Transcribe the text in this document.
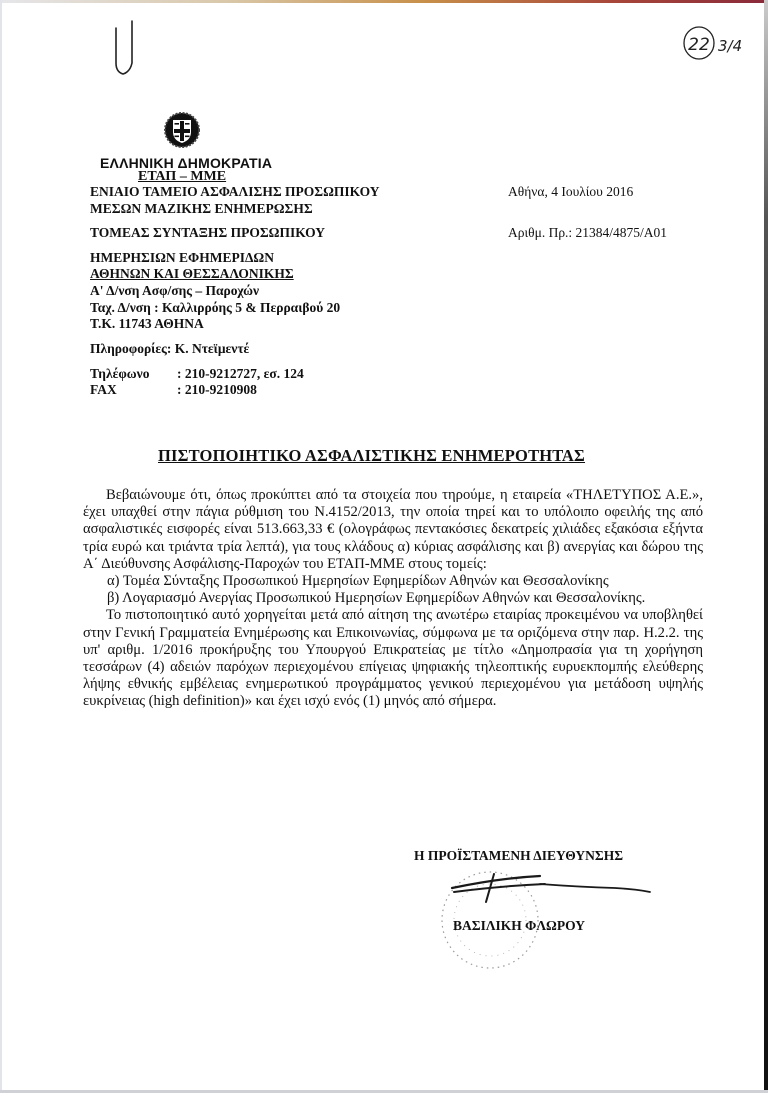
22 3/4
ΕΛΛΗΝΙΚΗ ΔΗΜΟΚΡΑΤΙΑ
ΕΤΑΠ – ΜΜΕ
ΕΝΙΑΙΟ ΤΑΜΕΙΟ ΑΣΦΑΛΙΣΗΣ ΠΡΟΣΩΠΙΚΟΥ
ΜΕΣΩΝ ΜΑΖΙΚΗΣ ΕΝΗΜΕΡΩΣΗΣ
ΤΟΜΕΑΣ ΣΥΝΤΑΞΗΣ ΠΡΟΣΩΠΙΚΟΥ
ΗΜΕΡΗΣΙΩΝ ΕΦΗΜΕΡΙΔΩΝ
ΑΘΗΝΩΝ ΚΑΙ ΘΕΣΣΑΛΟΝΙΚΗΣ
Α' Δ/νση Ασφ/σης – Παροχών
Ταχ. Δ/νση : Καλλιρρόης 5 & Περραιβού 20
Τ.Κ. 11743 ΑΘΗΝΑ
Πληροφορίες: Κ. Ντεϊμεντέ
Τηλέφωνο : 210-9212727, εσ. 124
FAX	: 210-9210908
Αθήνα, 4 Ιουλίου 2016
Αριθμ. Πρ.: 21384/4875/Α01
ΠΙΣΤΟΠΟΙΗΤΙΚΟ ΑΣΦΑΛΙΣΤΙΚΗΣ ΕΝΗΜΕΡΟΤΗΤΑΣ

Βεβαιώνουμε ότι, όπως προκύπτει από τα στοιχεία που τηρούμε, η εταιρεία «ΤΗΛΕΤΥΠΟΣ Α.Ε.», έχει υπαχθεί στην πάγια ρύθμιση του Ν.4152/2013, την οποία τηρεί και το υπόλοιπο οφειλής της από ασφαλιστικές εισφορές είναι 513.663,33 € (ολογράφως πεντακόσιες δεκατρείς χιλιάδες εξακόσια εξήντα τρία ευρώ και τριάντα τρία λεπτά), για τους κλάδους α) κύριας ασφάλισης και β) ανεργίας και δώρου της Α΄ Διεύθυνσης Ασφάλισης-Παροχών του ΕΤΑΠ-ΜΜΕ στους τομείς:

α) Τομέα Σύνταξης Προσωπικού Ημερησίων Εφημερίδων Αθηνών και Θεσσαλονίκης

β) Λογαριασμό Ανεργίας Προσωπικού Ημερησίων Εφημερίδων Αθηνών και Θεσσαλονίκης.

Το πιστοποιητικό αυτό χορηγείται μετά από αίτηση της ανωτέρω εταιρίας προκειμένου να υποβληθεί στην Γενική Γραμματεία Ενημέρωσης και Επικοινωνίας, σύμφωνα με τα οριζόμενα στην παρ. Η.2.2. της υπ' αριθμ. 1/2016 προκήρυξης του Υπουργού Επικρατείας με τίτλο «Δημοπρασία για τη χορήγηση τεσσάρων (4) αδειών παρόχων περιεχομένου επίγειας ψηφιακής τηλεοπτικής ευρυεκπομπής ελεύθερης λήψης εθνικής εμβέλειας ενημερωτικού προγράμματος γενικού περιεχομένου για μετάδοση υψηλής ευκρίνειας (high definition)» και έχει ισχύ ενός (1) μηνός από σήμερα.

Η ΠΡΟΪΣΤΑΜΕΝΗ ΔΙΕΥΘΥΝΣΗΣ
ΒΑΣΙΛΙΚΗ ΦΛΩΡΟΥ
